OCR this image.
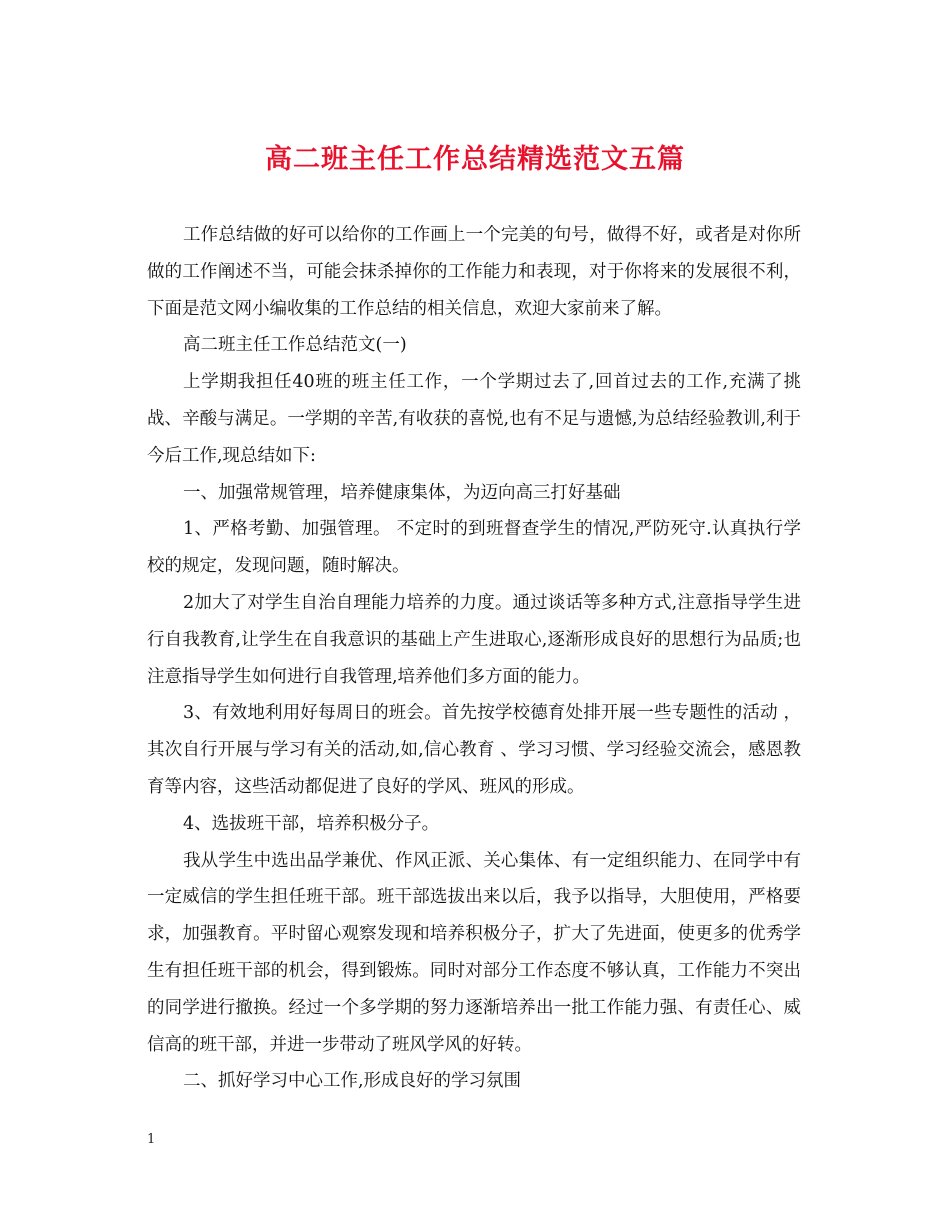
高二班主任工作总结精选范文五篇

工作总结做的好可以给你的工作画上一个完美的句号，做得不好，或者是对你所做的工作阐述不当，可能会抹杀掉你的工作能力和表现，对于你将来的发展很不利，下面是范文网小编收集的工作总结的相关信息，欢迎大家前来了解。

高二班主任工作总结范文(一)

上学期我担任40班的班主任工作，一个学期过去了,回首过去的工作,充满了挑战、辛酸与满足。一学期的辛苦,有收获的喜悦,也有不足与遗憾,为总结经验教训,利于今后工作,现总结如下:

一、加强常规管理，培养健康集体，为迈向高三打好基础

1、严格考勤、加强管理。 不定时的到班督查学生的情况,严防死守.认真执行学校的规定，发现问题，随时解决。

2加大了对学生自治自理能力培养的力度。通过谈话等多种方式,注意指导学生进行自我教育,让学生在自我意识的基础上产生进取心,逐渐形成良好的思想行为品质;也注意指导学生如何进行自我管理,培养他们多方面的能力。

3、有效地利用好每周日的班会。首先按学校德育处排开展一些专题性的活动 ，其次自行开展与学习有关的活动,如,信心教育 、学习习惯、学习经验交流会，感恩教育等内容，这些活动都促进了良好的学风、班风的形成。

4、选拔班干部，培养积极分子。

我从学生中选出品学兼优、作风正派、关心集体、有一定组织能力、在同学中有一定威信的学生担任班干部。班干部选拔出来以后，我予以指导，大胆使用，严格要求，加强教育。平时留心观察发现和培养积极分子，扩大了先进面，使更多的优秀学生有担任班干部的机会，得到锻炼。同时对部分工作态度不够认真，工作能力不突出的同学进行撤换。经过一个多学期的努力逐渐培养出一批工作能力强、有责任心、威信高的班干部，并进一步带动了班风学风的好转。

二、抓好学习中心工作,形成良好的学习氛围

1
